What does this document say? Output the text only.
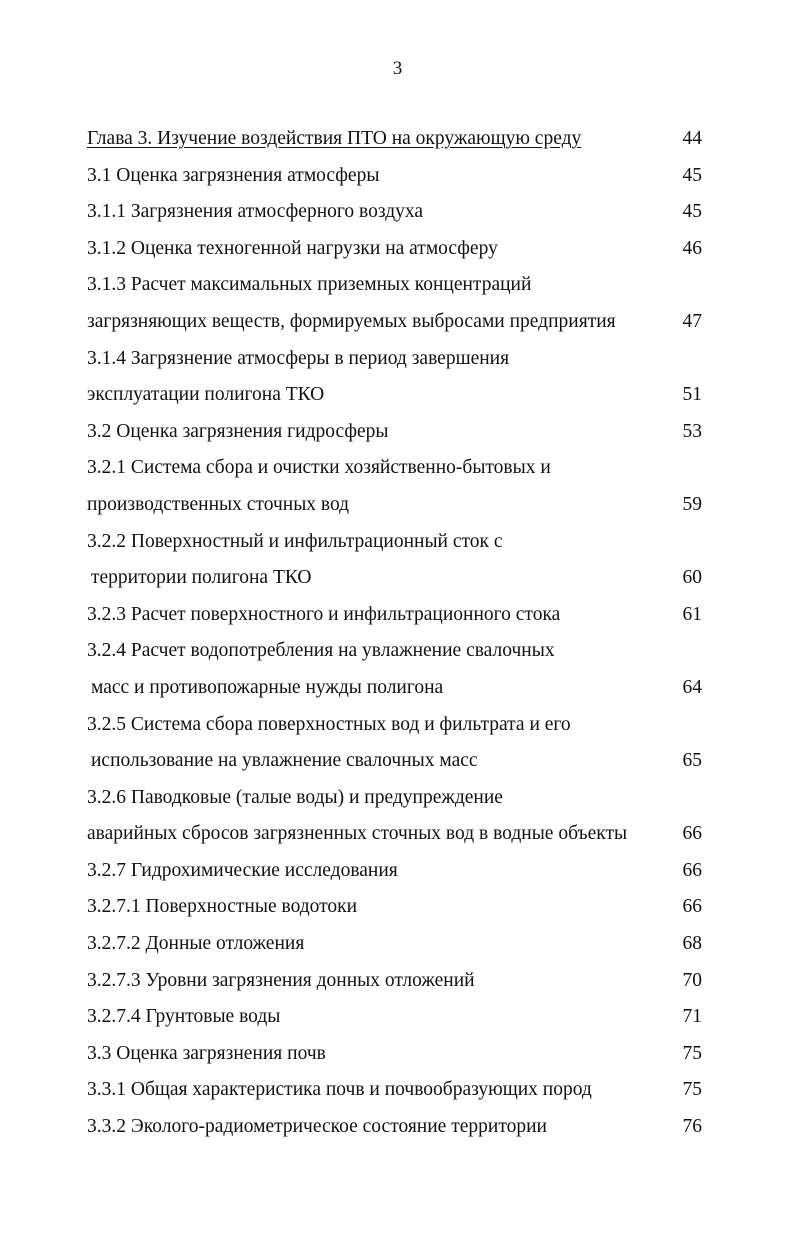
3
Глава 3. Изучение воздействия ПТО на окружающую среду	44
3.1 Оценка загрязнения атмосферы	45
3.1.1 Загрязнения атмосферного воздуха	45
3.1.2 Оценка техногенной нагрузки на атмосферу	46
3.1.3 Расчет максимальных приземных концентраций
загрязняющих веществ, формируемых выбросами предприятия	47
3.1.4 Загрязнение атмосферы в период завершения
эксплуатации полигона ТКО	51
3.2 Оценка загрязнения гидросферы	53
3.2.1 Система сбора и очистки хозяйственно-бытовых и
производственных сточных вод	59
3.2.2 Поверхностный и инфильтрационный сток с
территории полигона ТКО	60
3.2.3 Расчет поверхностного и инфильтрационного стока	61
3.2.4 Расчет водопотребления на увлажнение свалочных
масс и противопожарные нужды полигона	64
3.2.5 Система сбора поверхностных вод и фильтрата и его
использование на увлажнение свалочных масс	65
3.2.6 Паводковые (талые воды) и предупреждение
аварийных сбросов загрязненных сточных вод в водные объекты	66
3.2.7 Гидрохимические исследования	66
3.2.7.1 Поверхностные водотоки	66
3.2.7.2 Донные отложения	68
3.2.7.3 Уровни загрязнения донных отложений	70
3.2.7.4 Грунтовые воды	71
3.3 Оценка загрязнения почв	75
3.3.1 Общая характеристика почв и почвообразующих пород	75
3.3.2 Эколого-радиометрическое состояние территории	76
